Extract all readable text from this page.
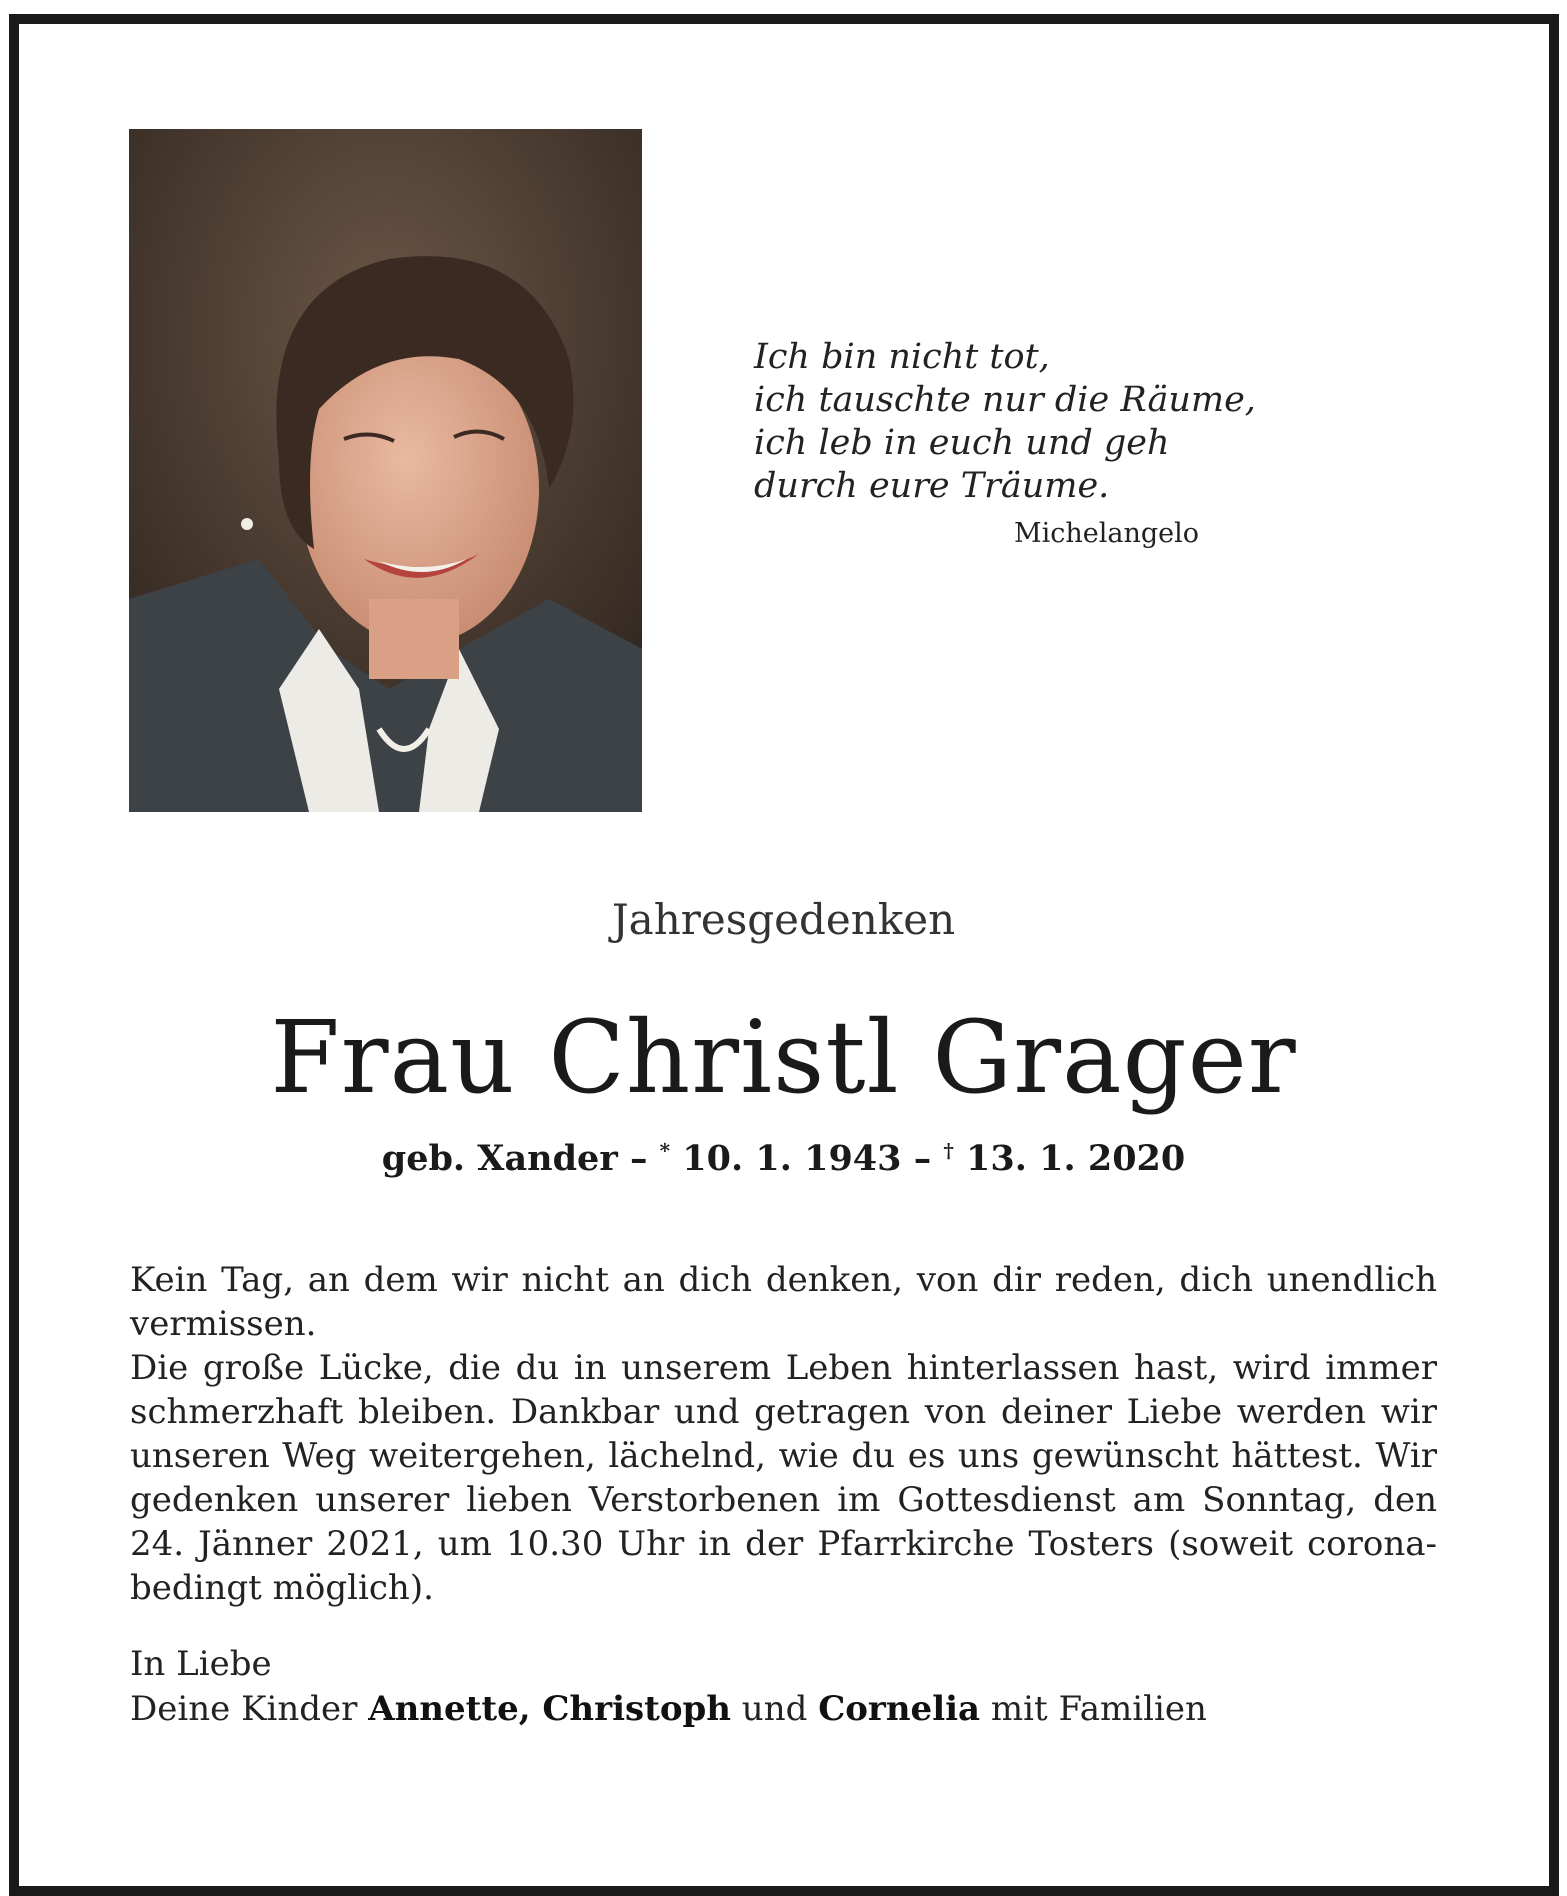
Ich bin nicht tot,
ich tauschte nur die Räume,
ich leb in euch und geh
durch eure Träume.
Michelangelo
Jahresgedenken
Frau Christl Grager
geb. Xander – * 10. 1. 1943 – † 13. 1. 2020

Kein Tag, an dem wir nicht an dich denken, von dir reden, dich unendlich vermissen.

Die große Lücke, die du in unserem Leben hinterlassen hast, wird immer schmerzhaft bleiben. Dankbar und getragen von deiner Liebe werden wir unseren Weg weitergehen, lächelnd, wie du es uns gewünscht hättest. Wir gedenken unserer lieben Verstorbenen im Gottesdienst am Sonntag, den 24. Jänner 2021, um 10.30 Uhr in der Pfarrkirche Tosters (soweit corona-bedingt möglich).

In Liebe
Deine Kinder Annette, Christoph und Cornelia mit Familien
